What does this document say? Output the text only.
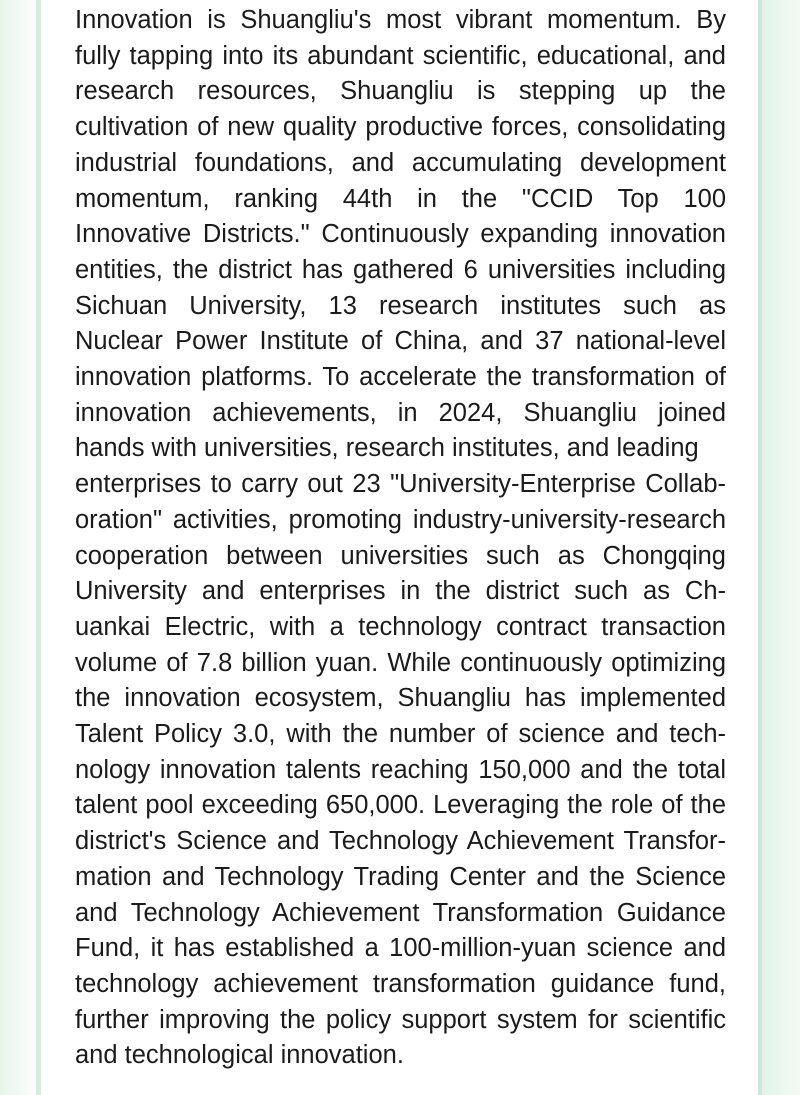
Innovation is Shuangliu's most vibrant momentum. By
fully tapping into its abundant scientific, educational, and
research resources, Shuangliu is stepping up the
cultivation of new quality productive forces, consolidating
industrial foundations, and accumulating development
momentum, ranking 44th in the "CCID Top 100
Innovative Districts." Continuously expanding innovation
entities, the district has gathered 6 universities including
Sichuan University, 13 research institutes such as
Nuclear Power Institute of China, and 37 national-level
innovation platforms. To accelerate the transformation of
innovation achievements, in 2024, Shuangliu joined
hands with universities, research institutes, and leading
enterprises to carry out 23 "University-Enterprise Collab-
oration" activities, promoting industry-university-research
cooperation between universities such as Chongqing
University and enterprises in the district such as Ch-
uankai Electric, with a technology contract transaction
volume of 7.8 billion yuan. While continuously optimizing
the innovation ecosystem, Shuangliu has implemented
Talent Policy 3.0, with the number of science and tech-
nology innovation talents reaching 150,000 and the total
talent pool exceeding 650,000. Leveraging the role of the
district's Science and Technology Achievement Transfor-
mation and Technology Trading Center and the Science
and Technology Achievement Transformation Guidance
Fund, it has established a 100-million-yuan science and
technology achievement transformation guidance fund,
further improving the policy support system for scientific
and technological innovation.
